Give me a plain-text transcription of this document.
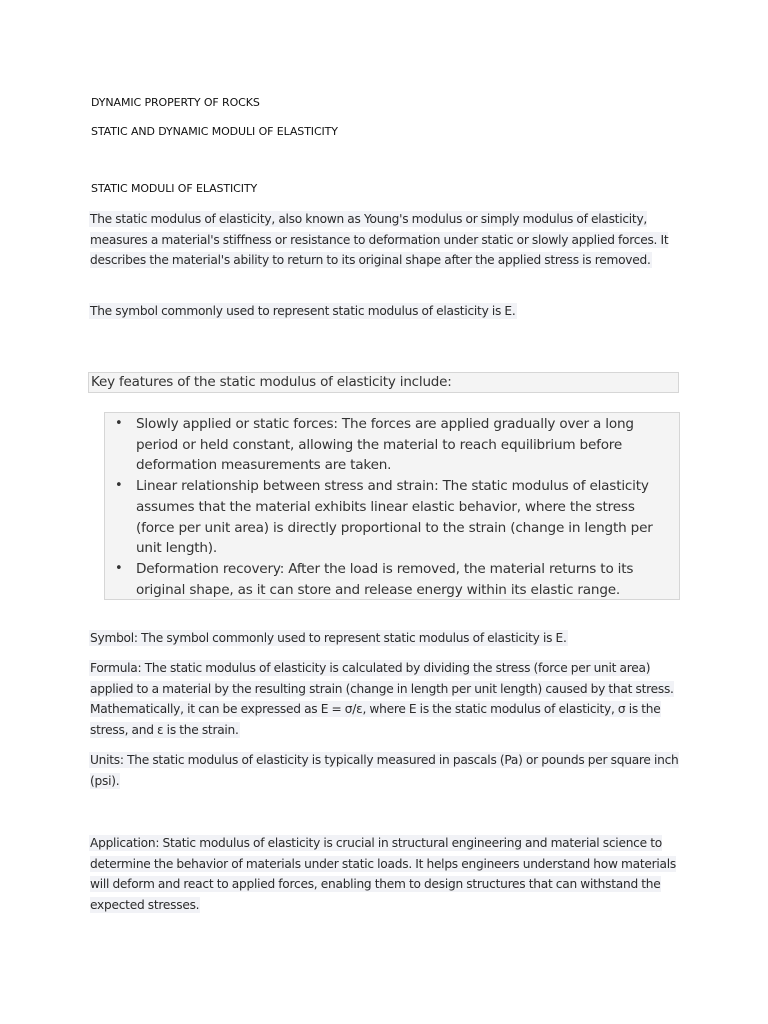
DYNAMIC PROPERTY OF ROCKS
STATIC AND DYNAMIC MODULI OF ELASTICITY
STATIC MODULI OF ELASTICITY

The static modulus of elasticity, also known as Young's modulus or simply modulus of elasticity, measures a material's stiffness or resistance to deformation under static or slowly applied forces. It describes the material's ability to return to its original shape after the applied stress is removed.

The symbol commonly used to represent static modulus of elasticity is E.

Key features of the static modulus of elasticity include:
• Slowly applied or static forces: The forces are applied gradually over a long period or held constant, allowing the material to reach equilibrium before deformation measurements are taken.
• Linear relationship between stress and strain: The static modulus of elasticity assumes that the material exhibits linear elastic behavior, where the stress (force per unit area) is directly proportional to the strain (change in length per unit length).
• Deformation recovery: After the load is removed, the material returns to its original shape, as it can store and release energy within its elastic range.

Symbol: The symbol commonly used to represent static modulus of elasticity is E.

Formula: The static modulus of elasticity is calculated by dividing the stress (force per unit area) applied to a material by the resulting strain (change in length per unit length) caused by that stress. Mathematically, it can be expressed as E = σ/ε, where E is the static modulus of elasticity, σ is the stress, and ε is the strain.

Units: The static modulus of elasticity is typically measured in pascals (Pa) or pounds per square inch (psi).

Application: Static modulus of elasticity is crucial in structural engineering and material science to determine the behavior of materials under static loads. It helps engineers understand how materials will deform and react to applied forces, enabling them to design structures that can withstand the expected stresses.
